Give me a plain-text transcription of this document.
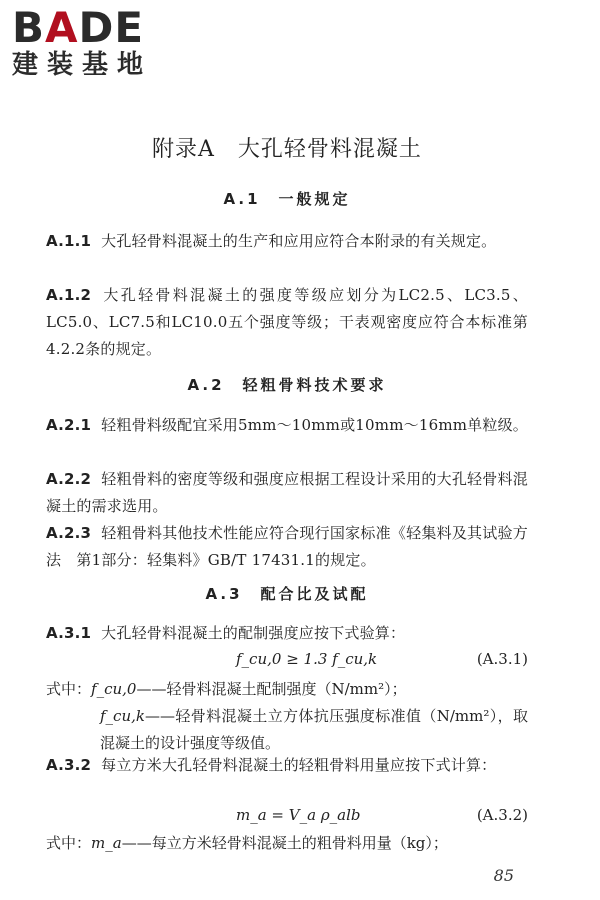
BADE
建装基地
附录A　大孔轻骨料混凝土
A.1　一般规定
A.1.1 大孔轻骨料混凝土的生产和应用应符合本附录的有关规定。
A.1.2 大孔轻骨料混凝土的强度等级应划分为LC2.5、LC3.5、LC5.0、LC7.5和LC10.0五个强度等级；干表观密度应符合本标准第4.2.2条的规定。
A.2　轻粗骨料技术要求
A.2.1 轻粗骨料级配宜采用5mm～10mm或10mm～16mm单粒级。
A.2.2 轻粗骨料的密度等级和强度应根据工程设计采用的大孔轻骨料混凝土的需求选用。
A.2.3 轻粗骨料其他技术性能应符合现行国家标准《轻集料及其试验方法　第1部分：轻集料》GB/T 17431.1的规定。
A.3　配合比及试配
A.3.1 大孔轻骨料混凝土的配制强度应按下式验算：
f_cu,0 ≥ 1.3 f_cu,k	(A.3.1)
式中：f_cu,0——轻骨料混凝土配制强度（N/mm²）；
f_cu,k——轻骨料混凝土立方体抗压强度标准值（N/mm²），取混凝土的设计强度等级值。
A.3.2 每立方米大孔轻骨料混凝土的轻粗骨料用量应按下式计算：
m_a = V_a ρ_alb	(A.3.2)
式中：m_a——每立方米轻骨料混凝土的粗骨料用量（kg）；
85
